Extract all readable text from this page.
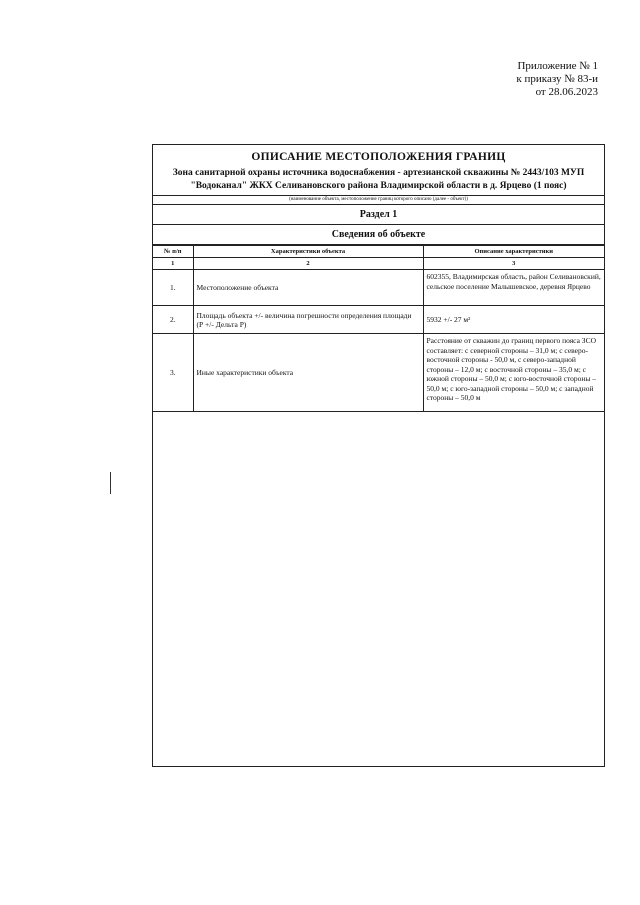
Приложение № 1
к приказу № 83-и
от 28.06.2023
ОПИСАНИЕ МЕСТОПОЛОЖЕНИЯ ГРАНИЦ
Зона санитарной охраны источника водоснабжения - артезианской скважины № 2443/103 МУП "Водоканал" ЖКХ Селивановского района Владимирской области в д. Ярцево (1 пояс)
(наименование объекта, местоположение границ которого описано (далее - объект))
Раздел 1
Сведения об объекте
№ п/п	Характеристики объекта	Описание характеристики
1	2	3
1.	Местоположение объекта	602355, Владимирская область, район Селивановский, сельское поселение Малышевское, деревня Ярцево
2.	Площадь объекта +/- величина погрешности определения площади (Р +/- Дельта Р)	5932 +/- 27 м²
3.	Иные характеристики объекта	Расстояние от скважин до границ первого пояса ЗСО составляет: с северной стороны – 31,0 м; с северо-восточной стороны - 50,0 м, с северо-западной стороны – 12,0 м; с восточной стороны – 35,0 м; с южной стороны – 50,0 м; с юго-восточной стороны – 50,0 м; с юго-западной стороны – 50,0 м; с западной стороны – 50,0 м
